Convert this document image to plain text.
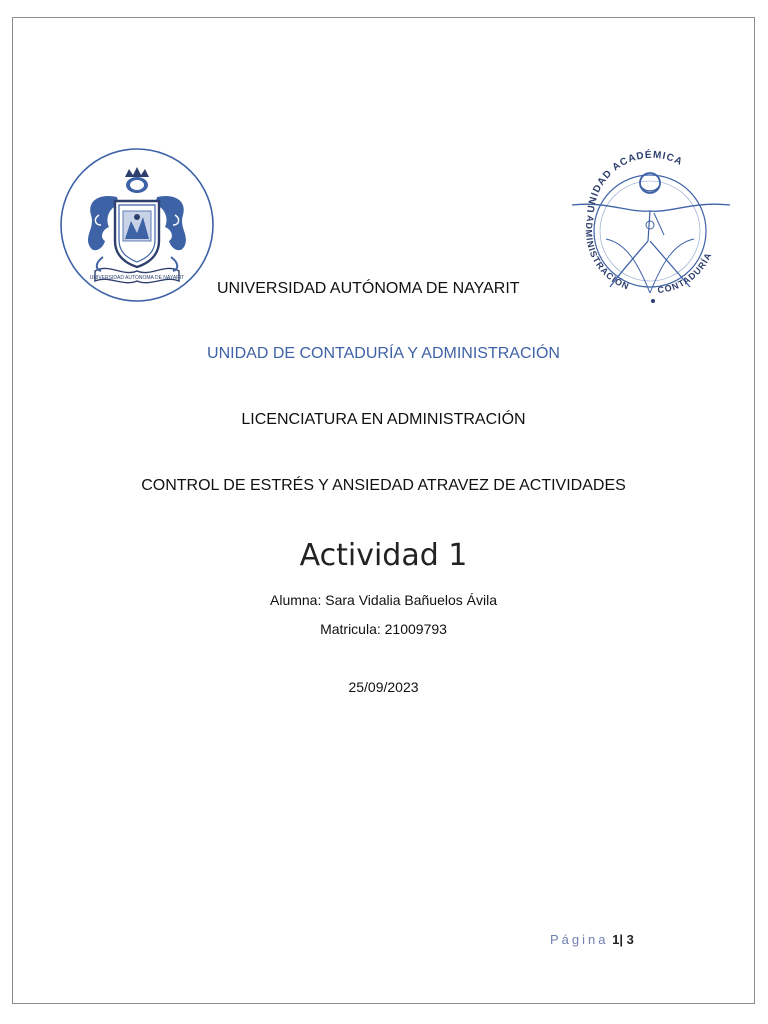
UNIVERSIDAD AUTONOMA DE NAYARIT
UNIDAD ACADÉMICA
ADMINISTRACIÓN	CONTADURÍA
UNIVERSIDAD AUTÓNOMA DE NAYARIT
UNIDAD DE CONTADURÍA Y ADMINISTRACIÓN
LICENCIATURA EN ADMINISTRACIÓN
CONTROL DE ESTRÉS Y ANSIEDAD ATRAVEZ DE ACTIVIDADES
Actividad 1
Alumna: Sara Vidalia Bañuelos Ávila
Matricula: 21009793
25/09/2023
Página 1| 3
